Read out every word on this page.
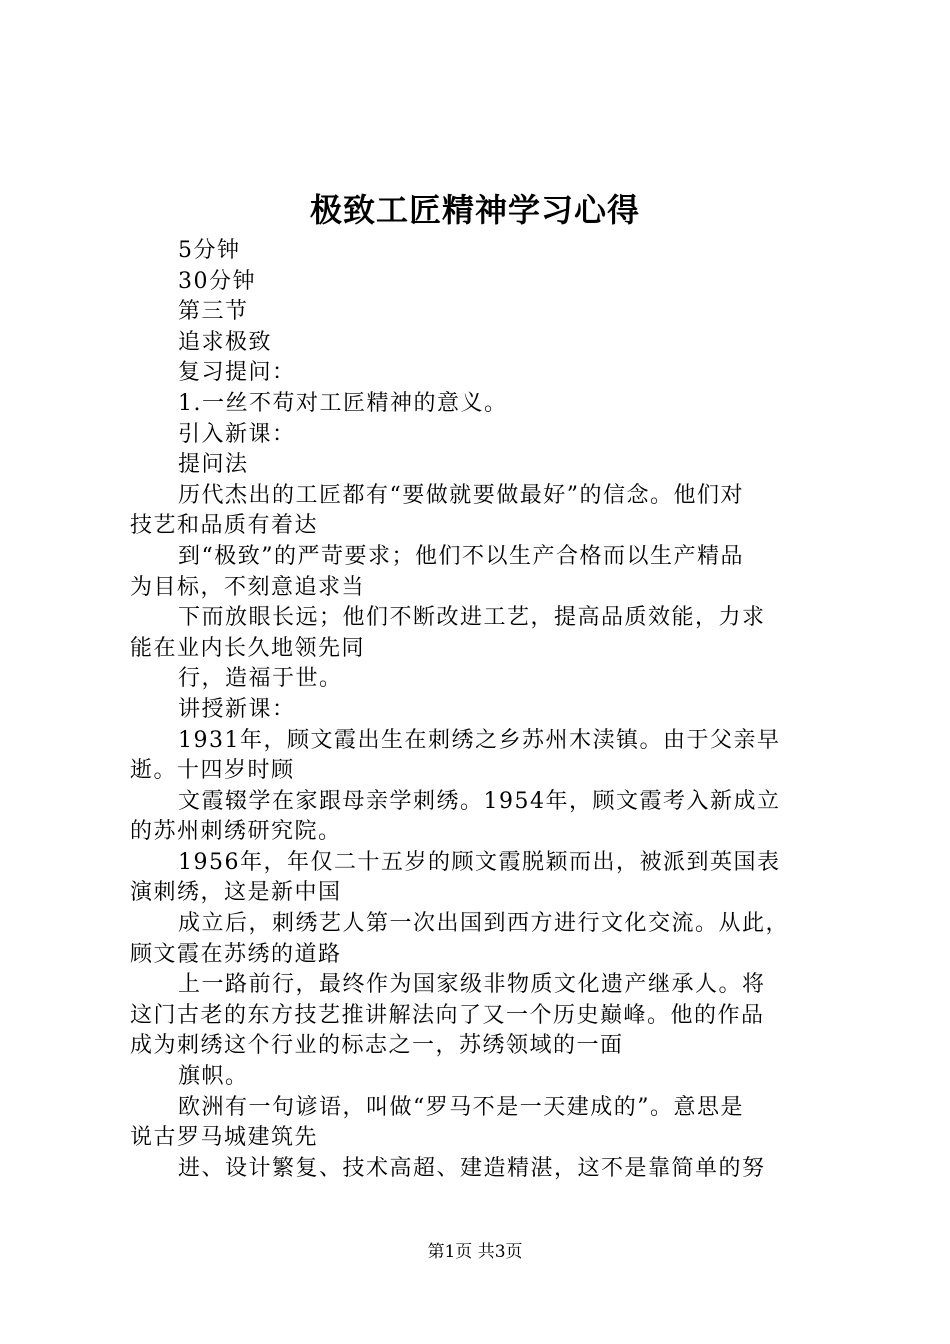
极致工匠精神学习心得
5分钟
30分钟
第三节
追求极致
复习提问：
1.一丝不苟对工匠精神的意义。
引入新课：
提问法
历代杰出的工匠都有“要做就要做最好”的信念。他们对
技艺和品质有着达
到“极致”的严苛要求；他们不以生产合格而以生产精品
为目标，不刻意追求当
下而放眼长远；他们不断改进工艺，提高品质效能，力求
能在业内长久地领先同
行，造福于世。
讲授新课：
1931年，顾文霞出生在刺绣之乡苏州木渎镇。由于父亲早
逝。十四岁时顾
文霞辍学在家跟母亲学刺绣。1954年，顾文霞考入新成立
的苏州刺绣研究院。
1956年，年仅二十五岁的顾文霞脱颖而出，被派到英国表
演刺绣，这是新中国
成立后，刺绣艺人第一次出国到西方进行文化交流。从此，
顾文霞在苏绣的道路
上一路前行，最终作为国家级非物质文化遗产继承人。将
这门古老的东方技艺推讲解法向了又一个历史巅峰。他的作品
成为刺绣这个行业的标志之一，苏绣领域的一面
旗帜。
欧洲有一句谚语，叫做“罗马不是一天建成的”。意思是
说古罗马城建筑先
进、设计繁复、技术高超、建造精湛，这不是靠简单的努
第1页 共3页
